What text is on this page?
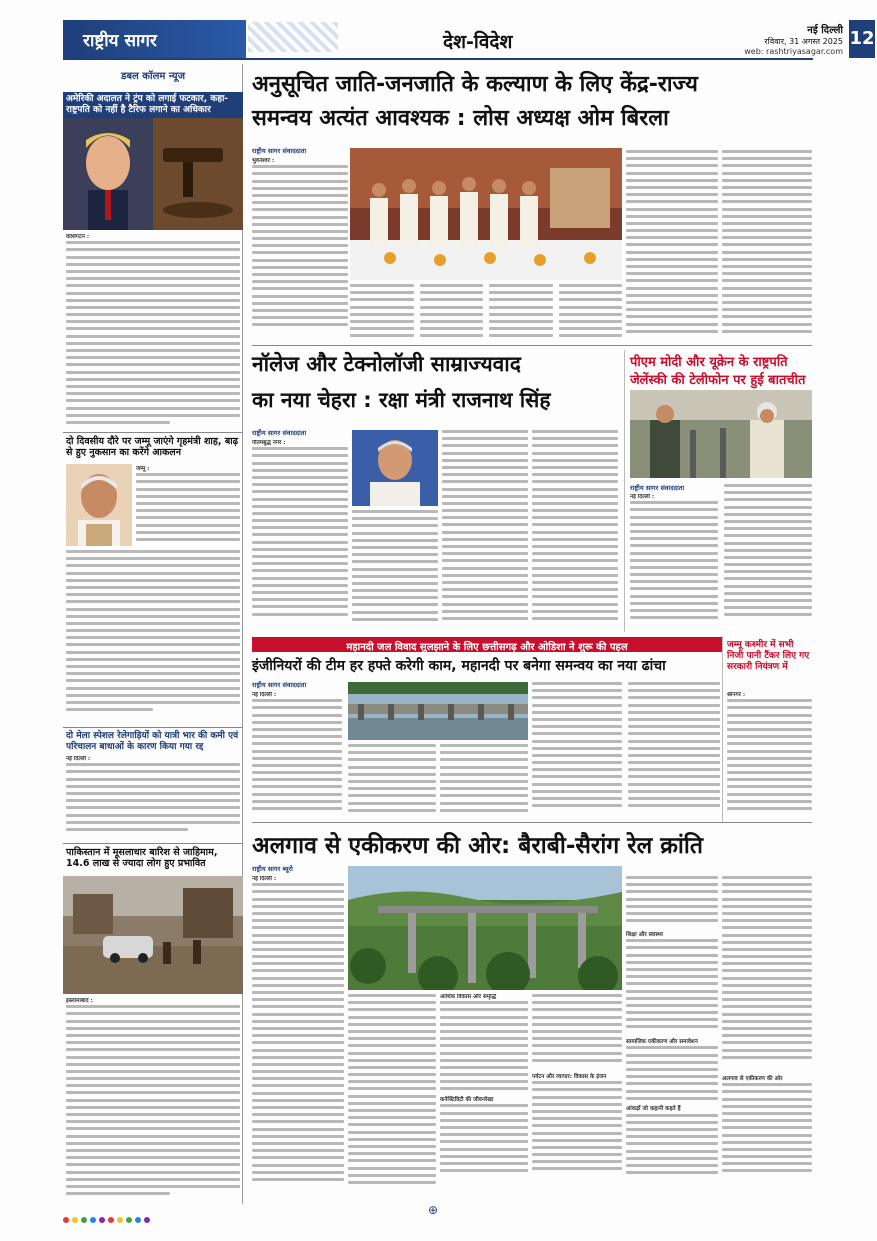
राष्ट्रीय सागर	देश-विदेश
नई दिल्ली
रविवार, 31 अगस्त 2025
web: rashtriyasagar.com
12
डबल कॉलम न्यूज
अमेरिकी अदालत ने ट्रंप को लगाई फटकार, कहा-राष्ट्रपति को नहीं है टैरिफ लगाने का अधिकार
वाशिंगटन :
दो दिवसीय दौरे पर जम्मू जाएंगे गृहमंत्री शाह, बाढ़ से हुए नुकसान का करेंगे आकलन
जम्मू :
दो मेला स्पेशल रेलेगाड़ियों को यात्री भार की कमी एवं परिचालन बाधाओं के कारण किया गया रद्द
नई दिल्ली :
पाकिस्तान में मूसलाधार बारिश से जाहिमाम, 14.6 लाख से ज्यादा लोग हुए प्रभावित
इस्लामाबाद :
अनुसूचित जाति-जनजाति के कल्याण के लिए केंद्र-राज्य
समन्वय अत्यंत आवश्यक : लोस अध्यक्ष ओम बिरला
राष्ट्रीय सागर संवाददाता
भुवनेश्वर :
नॉलेज और टेक्नोलॉजी साम्राज्यवाद
का नया चेहरा : रक्षा मंत्री राजनाथ सिंह
राष्ट्रीय सागर संवाददाता
गौतमबुद्ध नगर :
पीएम मोदी और यूक्रेन के राष्ट्रपति
जेलेंस्की की टेलीफोन पर हुई बातचीत
राष्ट्रीय सागर संवाददाता
नई दिल्ली :
महानदी जल विवाद सुलझाने के लिए छत्तीसगढ़ और ओडिशा ने शुरू की पहल
इंजीनियरों की टीम हर हफ्ते करेगी काम, महानदी पर बनेगा समन्वय का नया ढांचा
राष्ट्रीय सागर संवाददाता
नई दिल्ली :
जम्मू कश्मीर में सभी निजी पानी टैंकर लिए गए सरकारी नियंत्रण में
श्रीनगर :
अलगाव से एकीकरण की ओर: बैराबी-सैरांग रेल क्रांति
राष्ट्रीय सागर ब्यूरो
नई दिल्ली :
आर्थिक विकास और समृद्धि
कनेक्टिविटी की जीवनरेखा
पर्यटन और व्यापार: विकास के इंजन
शिक्षा और स्वास्थ्य
सामाजिक एकीकरण और समावेशन
आंकड़ों जो कहानी कहते हैं
अलगाव से एकीकरण की ओर
⊕
